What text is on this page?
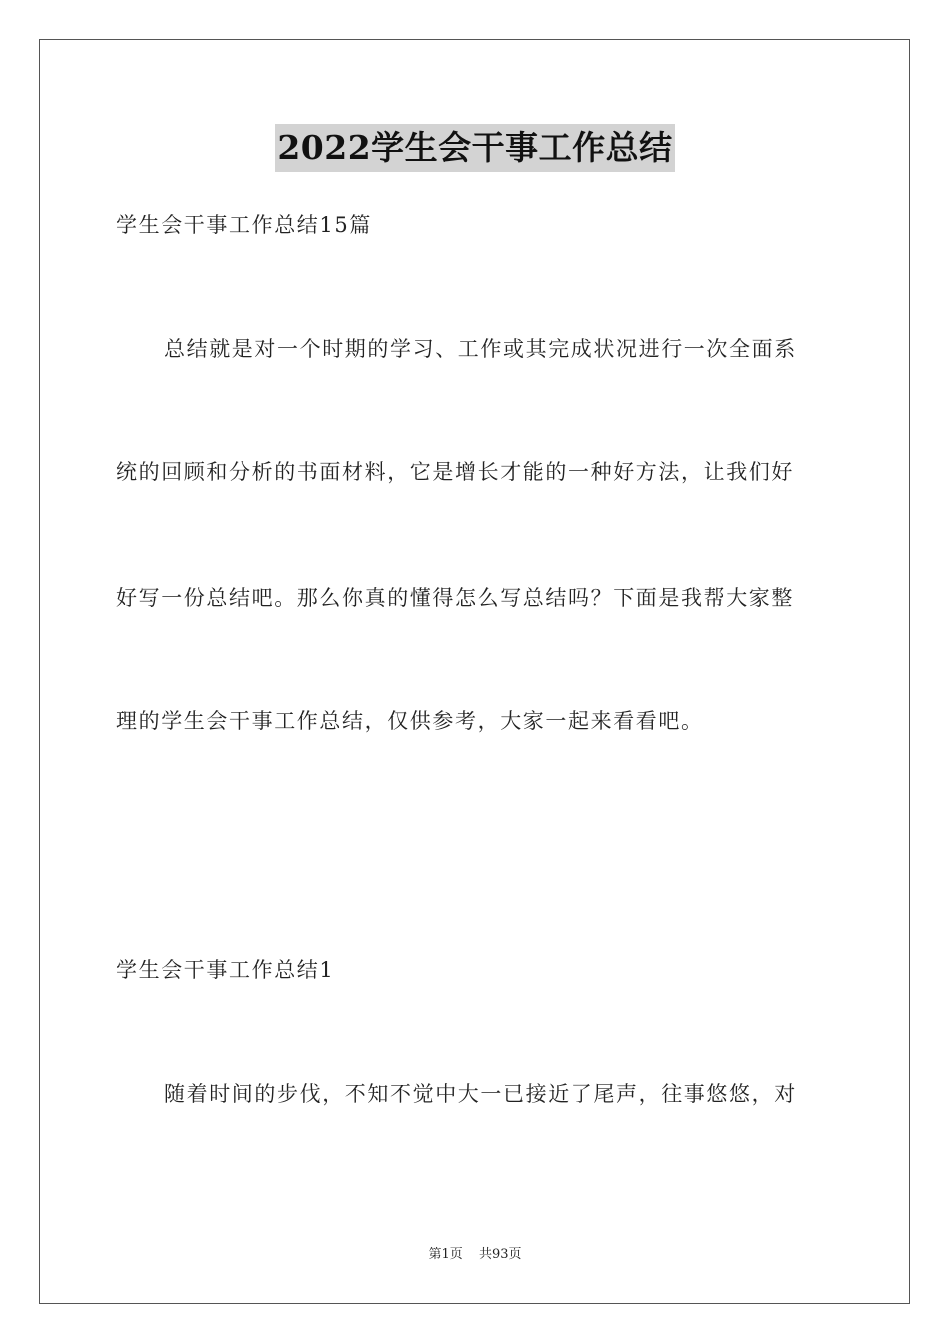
2022学生会干事工作总结
学生会干事工作总结15篇
总结就是对一个时期的学习、工作或其完成状况进行一次全面系
统的回顾和分析的书面材料，它是增长才能的一种好方法，让我们好
好写一份总结吧。那么你真的懂得怎么写总结吗？下面是我帮大家整
理的学生会干事工作总结，仅供参考，大家一起来看看吧。
学生会干事工作总结1
随着时间的步伐，不知不觉中大一已接近了尾声，往事悠悠，对
第1页 共93页
